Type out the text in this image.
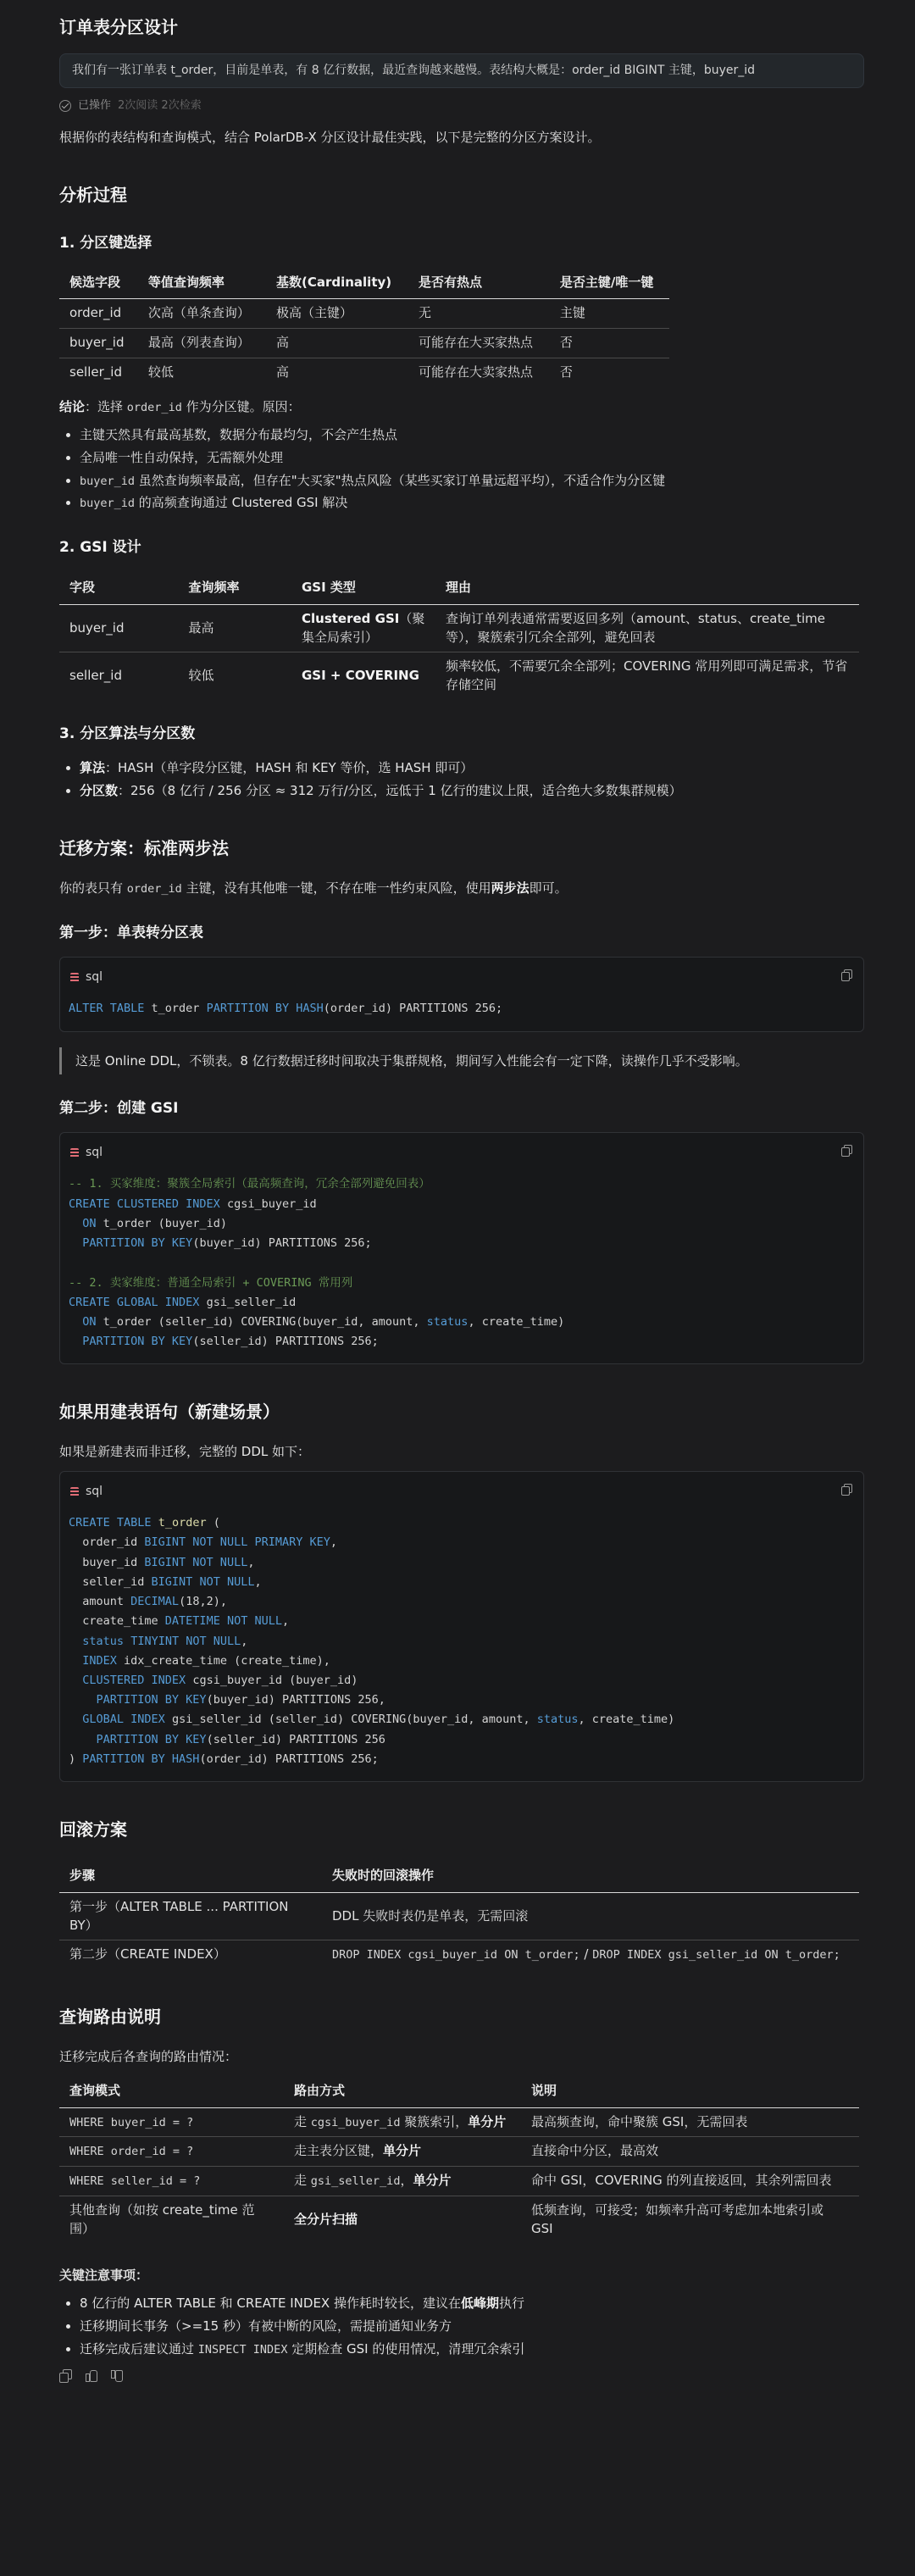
订单表分区设计
我们有一张订单表 t_order，目前是单表，有 8 亿行数据，最近查询越来越慢。表结构大概是：order_id BIGINT 主键，buyer_id
已操作 2次阅读 2次检索

根据你的表结构和查询模式，结合 PolarDB-X 分区设计最佳实践，以下是完整的分区方案设计。

分析过程
1. 分区键选择
候选字段	等值查询频率	基数(Cardinality)	是否有热点	是否主键/唯一键
order_id	次高（单条查询）	极高（主键）	无	主键
buyer_id	最高（列表查询）	高	可能存在大买家热点	否
seller_id	较低	高	可能存在大卖家热点	否

结论：选择 order_id 作为分区键。原因：

• 主键天然具有最高基数，数据分布最均匀，不会产生热点
• 全局唯一性自动保持，无需额外处理
• buyer_id 虽然查询频率最高，但存在"大买家"热点风险（某些买家订单量远超平均），不适合作为分区键
• buyer_id 的高频查询通过 Clustered GSI 解决
2. GSI 设计
字段	查询频率	GSI 类型	理由
buyer_id	最高	Clustered GSI（聚集全局索引）	查询订单列表通常需要返回多列（amount、status、create_time 等），聚簇索引冗余全部列，避免回表
seller_id	较低	GSI + COVERING	频率较低，不需要冗余全部列；COVERING 常用列即可满足需求，节省存储空间
3. 分区算法与分区数
• 算法：HASH（单字段分区键，HASH 和 KEY 等价，选 HASH 即可）
• 分区数：256（8 亿行 / 256 分区 ≈ 312 万行/分区，远低于 1 亿行的建议上限，适合绝大多数集群规模）
迁移方案：标准两步法

你的表只有 order_id 主键，没有其他唯一键，不存在唯一性约束风险，使用两步法即可。

第一步：单表转分区表
sql
ALTER TABLE t_order PARTITION BY HASH(order_id) PARTITIONS 256;
这是 Online DDL，不锁表。8 亿行数据迁移时间取决于集群规格，期间写入性能会有一定下降，读操作几乎不受影响。
第二步：创建 GSI
sql
-- 1. 买家维度：聚簇全局索引（最高频查询，冗余全部列避免回表）
CREATE CLUSTERED INDEX cgsi_buyer_id
ON t_order (buyer_id)
PARTITION BY KEY(buyer_id) PARTITIONS 256;

-- 2. 卖家维度：普通全局索引 + COVERING 常用列
CREATE GLOBAL INDEX gsi_seller_id
ON t_order (seller_id) COVERING(buyer_id, amount, status, create_time)
PARTITION BY KEY(seller_id) PARTITIONS 256;
如果用建表语句（新建场景）

如果是新建表而非迁移，完整的 DDL 如下：

sql
CREATE TABLE t_order (
order_id BIGINT NOT NULL PRIMARY KEY,
buyer_id BIGINT NOT NULL,
seller_id BIGINT NOT NULL,
amount DECIMAL(18,2),
create_time DATETIME NOT NULL,
status TINYINT NOT NULL,
INDEX idx_create_time (create_time),
CLUSTERED INDEX cgsi_buyer_id (buyer_id)
PARTITION BY KEY(buyer_id) PARTITIONS 256,
GLOBAL INDEX gsi_seller_id (seller_id) COVERING(buyer_id, amount, status, create_time)
PARTITION BY KEY(seller_id) PARTITIONS 256
) PARTITION BY HASH(order_id) PARTITIONS 256;
回滚方案
步骤	失败时的回滚操作
第一步（ALTER TABLE ... PARTITION BY）	DDL 失败时表仍是单表，无需回滚
第二步（CREATE INDEX）	DROP INDEX cgsi_buyer_id ON t_order; / DROP INDEX gsi_seller_id ON t_order;
查询路由说明

迁移完成后各查询的路由情况：

查询模式	路由方式	说明
WHERE buyer_id = ?	走 cgsi_buyer_id 聚簇索引，单分片	最高频查询，命中聚簇 GSI，无需回表
WHERE order_id = ?	走主表分区键，单分片	直接命中分区，最高效
WHERE seller_id = ?	走 gsi_seller_id，单分片	命中 GSI，COVERING 的列直接返回，其余列需回表
其他查询（如按 create_time 范围）	全分片扫描	低频查询，可接受；如频率升高可考虑加本地索引或 GSI

关键注意事项：

• 8 亿行的 ALTER TABLE 和 CREATE INDEX 操作耗时较长，建议在低峰期执行
• 迁移期间长事务（>=15 秒）有被中断的风险，需提前通知业务方
• 迁移完成后建议通过 INSPECT INDEX 定期检查 GSI 的使用情况，清理冗余索引
